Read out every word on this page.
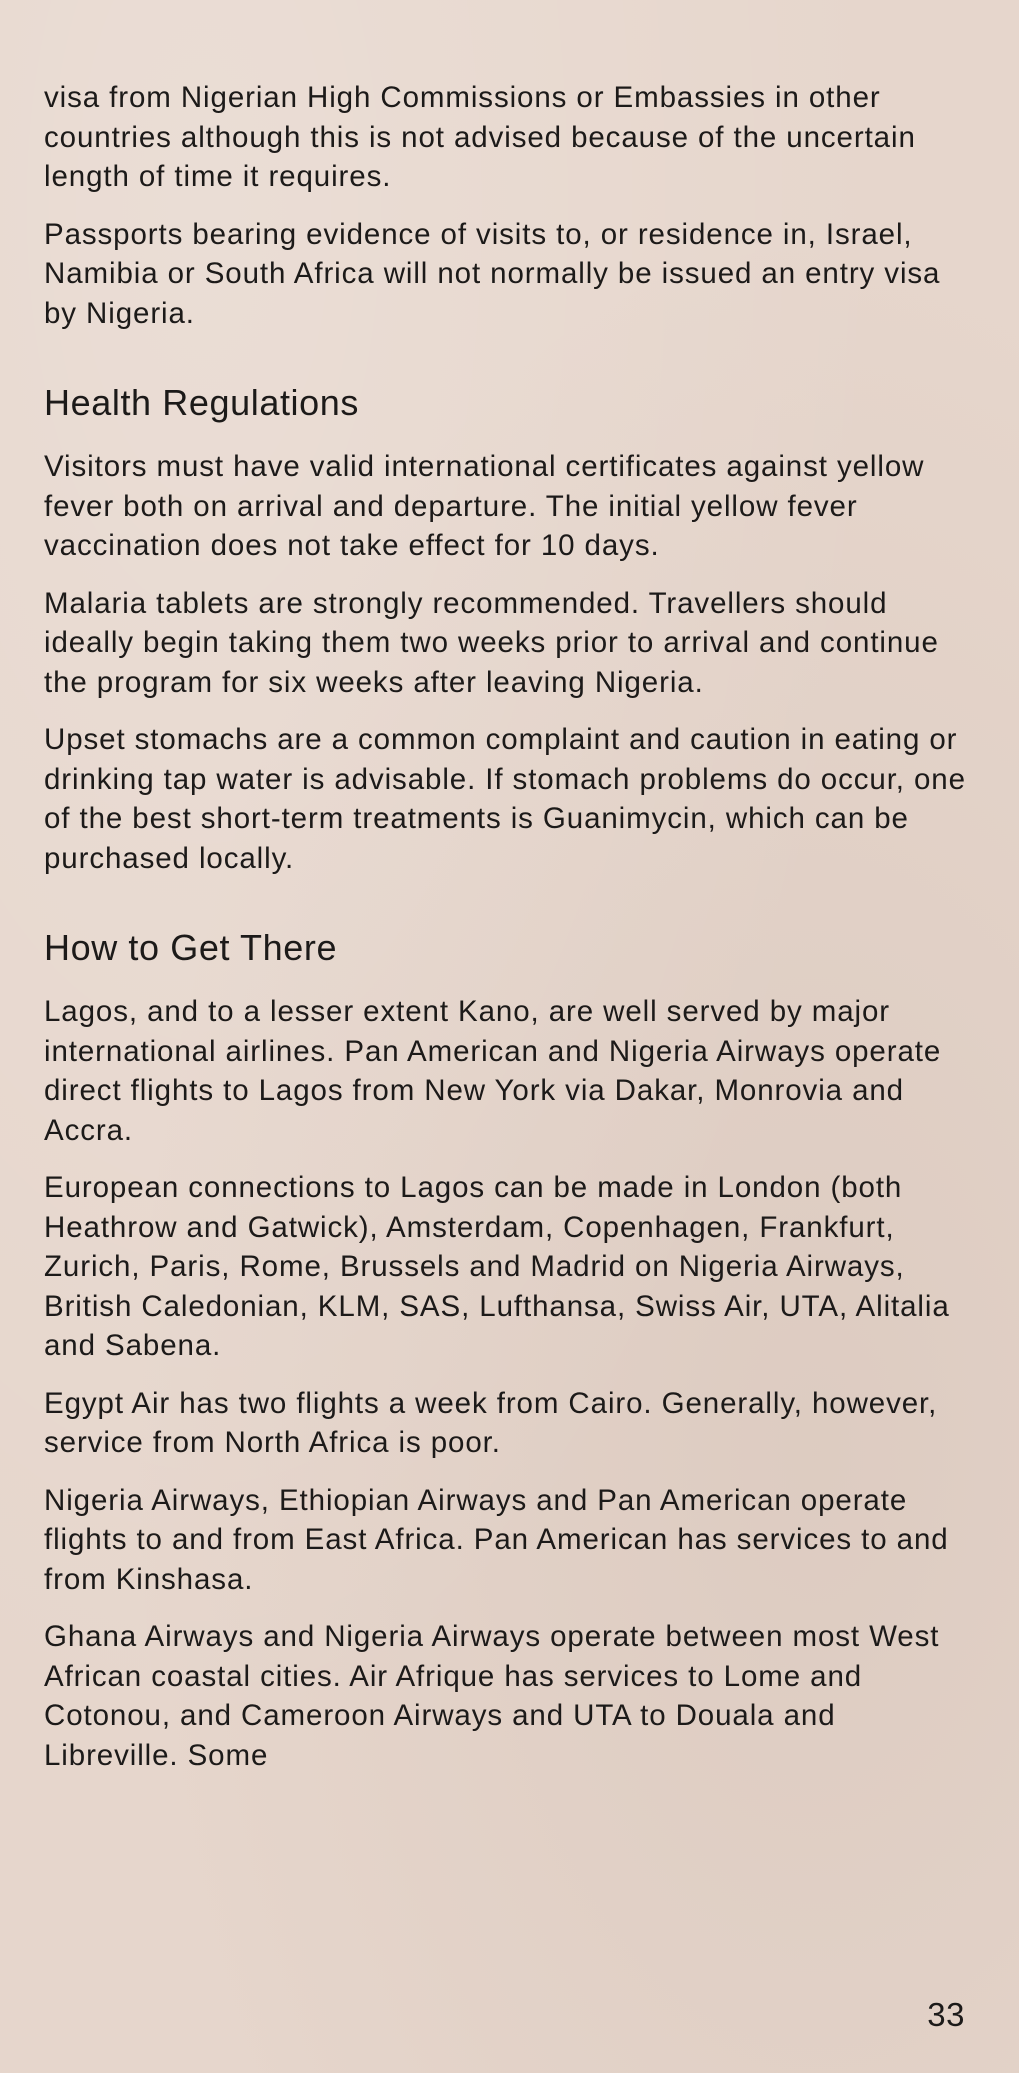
visa from Nigerian High Commissions or Embassies in other countries although this is not advised because of the uncertain length of time it requires.

Passports bearing evidence of visits to, or residence in, Israel, Namibia or South Africa will not normally be issued an entry visa by Nigeria.

Health Regulations

Visitors must have valid international certificates against yellow fever both on arrival and departure. The initial yellow fever vaccination does not take effect for 10 days.

Malaria tablets are strongly recommended. Travellers should ideally begin taking them two weeks prior to arrival and continue the program for six weeks after leaving Nigeria.

Upset stomachs are a common complaint and caution in eating or drinking tap water is advisable. If stomach problems do occur, one of the best short-term treatments is Guanimycin, which can be purchased locally.

How to Get There

Lagos, and to a lesser extent Kano, are well served by major international airlines. Pan American and Nigeria Airways operate direct flights to Lagos from New York via Dakar, Monrovia and Accra.

European connections to Lagos can be made in London (both Heathrow and Gatwick), Amsterdam, Copenhagen, Frankfurt, Zurich, Paris, Rome, Brussels and Madrid on Nigeria Airways, British Caledonian, KLM, SAS, Lufthansa, Swiss Air, UTA, Alitalia and Sabena.

Egypt Air has two flights a week from Cairo. Generally, however, service from North Africa is poor.

Nigeria Airways, Ethiopian Airways and Pan American operate flights to and from East Africa. Pan American has services to and from Kinshasa.

Ghana Airways and Nigeria Airways operate between most West African coastal cities. Air Afrique has services to Lome and Cotonou, and Cameroon Airways and UTA to Douala and Libreville. Some

33
